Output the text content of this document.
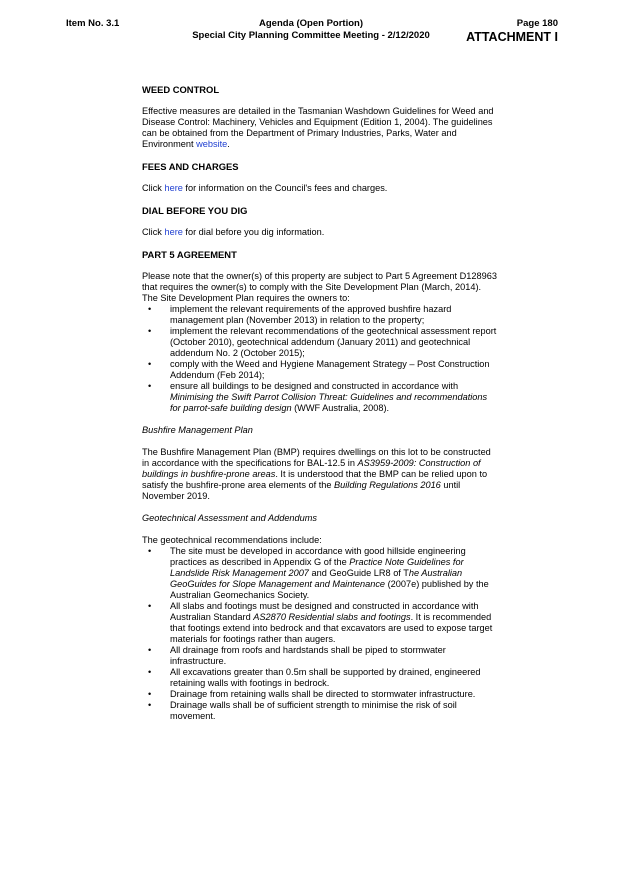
Item No. 3.1	Agenda (Open Portion)
Special City Planning Committee Meeting - 2/12/2020
Page 180
ATTACHMENT I
WEED CONTROL

Effective measures are detailed in the Tasmanian Washdown Guidelines for Weed and Disease Control: Machinery, Vehicles and Equipment (Edition 1, 2004). The guidelines can be obtained from the Department of Primary Industries, Parks, Water and Environment website.

FEES AND CHARGES

Click here for information on the Council's fees and charges.

DIAL BEFORE YOU DIG

Click here for dial before you dig information.

PART 5 AGREEMENT

Please note that the owner(s) of this property are subject to Part 5 Agreement D128963 that requires the owner(s) to comply with the Site Development Plan (March, 2014). The Site Development Plan requires the owners to:

• implement the relevant requirements of the approved bushfire hazard management plan (November 2013) in relation to the property;
• implement the relevant recommendations of the geotechnical assessment report (October 2010), geotechnical addendum (January 2011) and geotechnical addendum No. 2 (October 2015);
• comply with the Weed and Hygiene Management Strategy – Post Construction Addendum (Feb 2014);
• ensure all buildings to be designed and constructed in accordance with Minimising the Swift Parrot Collision Threat: Guidelines and recommendations for parrot-safe building design (WWF Australia, 2008).

Bushfire Management Plan

The Bushfire Management Plan (BMP) requires dwellings on this lot to be constructed in accordance with the specifications for BAL-12.5 in AS3959-2009: Construction of buildings in bushfire-prone areas. It is understood that the BMP can be relied upon to satisfy the bushfire-prone area elements of the Building Regulations 2016 until November 2019.

Geotechnical Assessment and Addendums

The geotechnical recommendations include:

• The site must be developed in accordance with good hillside engineering practices as described in Appendix G of the Practice Note Guidelines for Landslide Risk Management 2007 and GeoGuide LR8 of The Australian GeoGuides for Slope Management and Maintenance (2007e) published by the Australian Geomechanics Society.
• All slabs and footings must be designed and constructed in accordance with Australian Standard AS2870 Residential slabs and footings. It is recommended that footings extend into bedrock and that excavators are used to expose target materials for footings rather than augers.
• All drainage from roofs and hardstands shall be piped to stormwater infrastructure.
• All excavations greater than 0.5m shall be supported by drained, engineered retaining walls with footings in bedrock.
• Drainage from retaining walls shall be directed to stormwater infrastructure.
• Drainage walls shall be of sufficient strength to minimise the risk of soil movement.
